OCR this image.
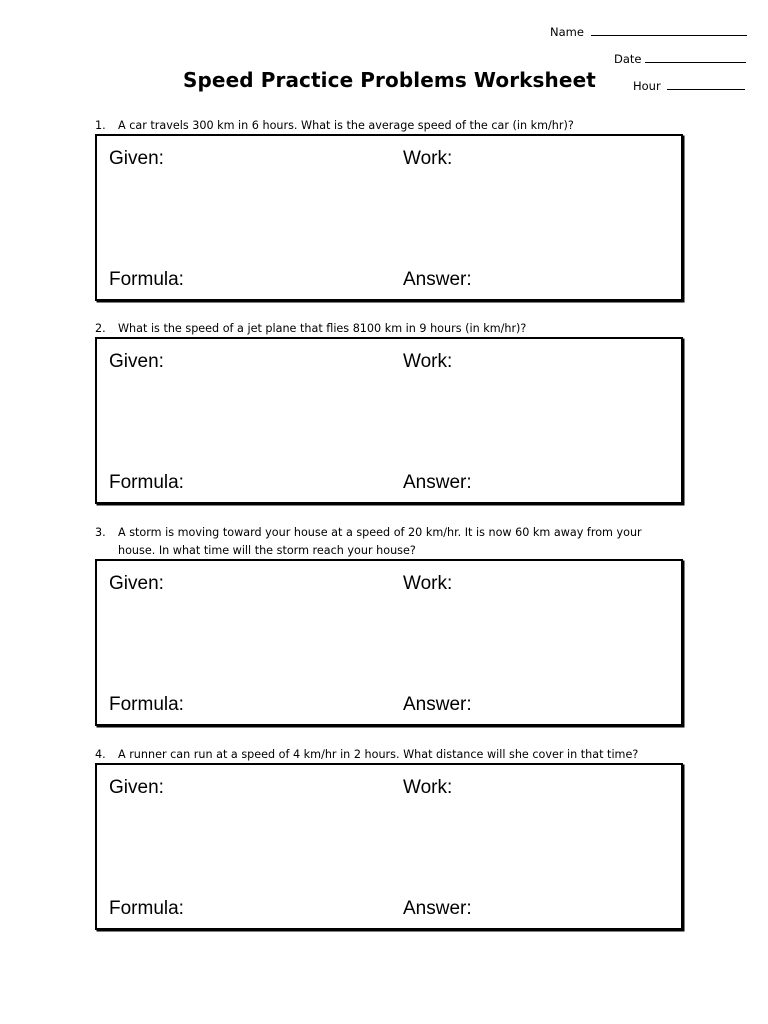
Name
Date
Hour
Speed Practice Problems Worksheet
1. A car travels 300 km in 6 hours. What is the average speed of the car (in km/hr)?
Given:	Work:
Formula:	Answer:
2. What is the speed of a jet plane that flies 8100 km in 9 hours (in km/hr)?
Given:	Work:
Formula:	Answer:
3. A storm is moving toward your house at a speed of 20 km/hr. It is now 60 km away from your
house. In what time will the storm reach your house?
Given:	Work:
Formula:	Answer:
4. A runner can run at a speed of 4 km/hr in 2 hours. What distance will she cover in that time?
Given:	Work:
Formula:	Answer:
